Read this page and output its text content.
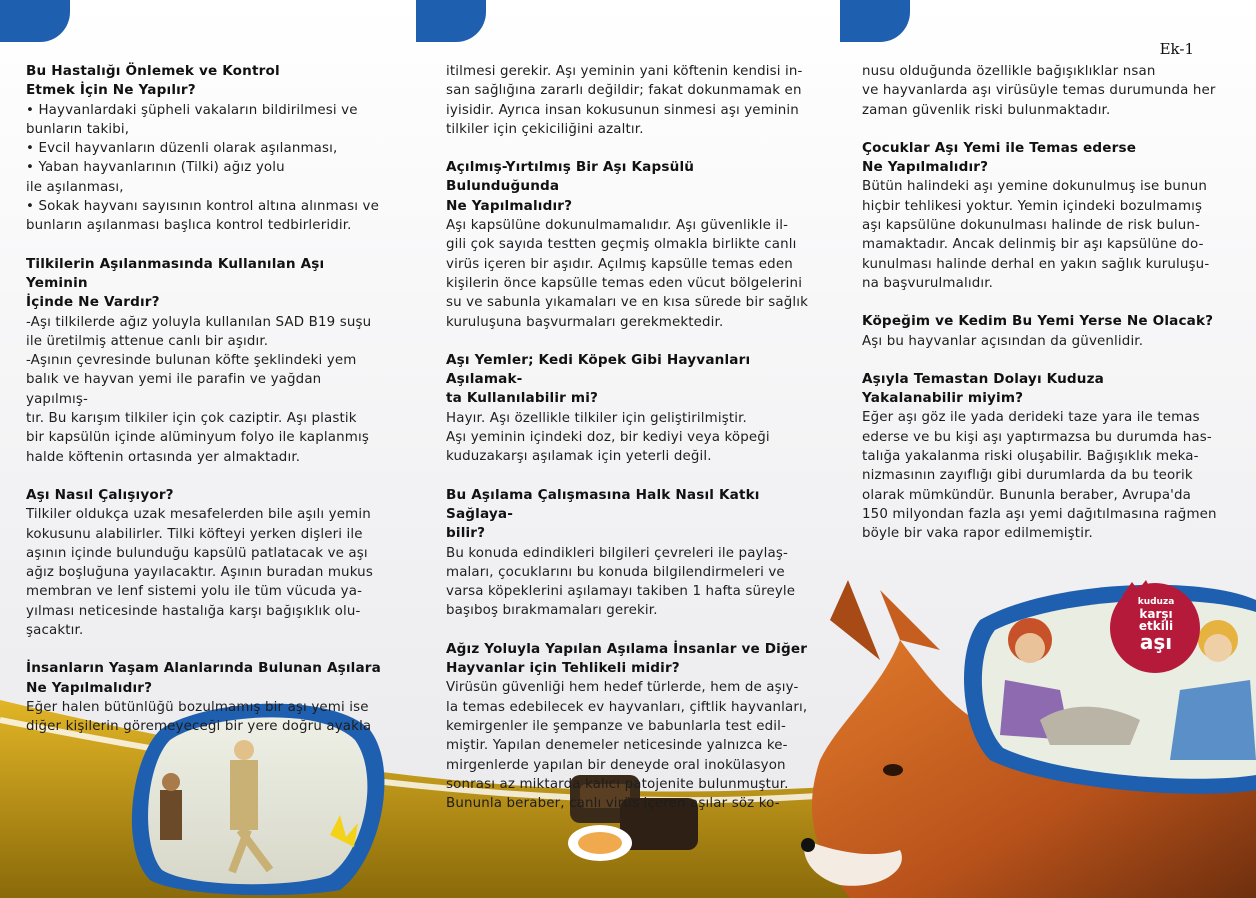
kuduza
karşı
etkili
aşı
Ek-1
Bu Hastalığı Önlemek ve Kontrol
Etmek İçin Ne Yapılır?

• Hayvanlardaki şüpheli vakaların bildirilmesi ve

bunların takibi,

• Evcil hayvanların düzenli olarak aşılanması,

• Yaban hayvanlarının (Tilki) ağız yolu

ile aşılanması,

• Sokak hayvanı sayısının kontrol altına alınması ve

bunların aşılanması başlıca kontrol tedbirleridir.

Tilkilerin Aşılanmasında Kullanılan Aşı Yeminin
İçinde Ne Vardır?

-Aşı tilkilerde ağız yoluyla kullanılan SAD B19 suşu

ile üretilmiş attenue canlı bir aşıdır.

-Aşının çevresinde bulunan köfte şeklindeki yem

balık ve hayvan yemi ile parafin ve yağdan yapılmış-

tır. Bu karışım tilkiler için çok caziptir. Aşı plastik

bir kapsülün içinde alüminyum folyo ile kaplanmış

halde köftenin ortasında yer almaktadır.

Aşı Nasıl Çalışıyor?

Tilkiler oldukça uzak mesafelerden bile aşılı yemin

kokusunu alabilirler. Tilki köfteyi yerken dişleri ile

aşının içinde bulunduğu kapsülü patlatacak ve aşı

ağız boşluğuna yayılacaktır. Aşının buradan mukus

membran ve lenf sistemi yolu ile tüm vücuda ya-

yılması neticesinde hastalığa karşı bağışıklık olu-

şacaktır.

İnsanların Yaşam Alanlarında Bulunan Aşılara
Ne Yapılmalıdır?

Eğer halen bütünlüğü bozulmamış bir aşı yemi ise

diğer kişilerin göremeyeceği bir yere doğru ayakla

itilmesi gerekir. Aşı yeminin yani köftenin kendisi in-

san sağlığına zararlı değildir; fakat dokunmamak en

iyisidir. Ayrıca insan kokusunun sinmesi aşı yeminin

tilkiler için çekiciliğini azaltır.

Açılmış-Yırtılmış Bir Aşı Kapsülü Bulunduğunda
Ne Yapılmalıdır?

Aşı kapsülüne dokunulmamalıdır. Aşı güvenlikle il-

gili çok sayıda testten geçmiş olmakla birlikte canlı

virüs içeren bir aşıdır. Açılmış kapsülle temas eden

kişilerin önce kapsülle temas eden vücut bölgelerini

su ve sabunla yıkamaları ve en kısa sürede bir sağlık

kuruluşuna başvurmaları gerekmektedir.

Aşı Yemler; Kedi Köpek Gibi Hayvanları Aşılamak-
ta Kullanılabilir mi?

Hayır. Aşı özellikle tilkiler için geliştirilmiştir.

Aşı yeminin içindeki doz, bir kediyi veya köpeği

kuduzakarşı aşılamak için yeterli değil.

Bu Aşılama Çalışmasına Halk Nasıl Katkı Sağlaya-
bilir?

Bu konuda edindikleri bilgileri çevreleri ile paylaş-

maları, çocuklarını bu konuda bilgilendirmeleri ve

varsa köpeklerini aşılamayı takiben 1 hafta süreyle

başıboş bırakmamaları gerekir.

Ağız Yoluyla Yapılan Aşılama İnsanlar ve Diğer
Hayvanlar için Tehlikeli midir?

Virüsün güvenliği hem hedef türlerde, hem de aşıy-

la temas edebilecek ev hayvanları, çiftlik hayvanları,

kemirgenler ile şempanze ve babunlarla test edil-

miştir. Yapılan denemeler neticesinde yalnızca ke-

mirgenlerde yapılan bir deneyde oral inokülasyon

sonrası az miktarda kalıcı patojenite bulunmuştur.

Bununla beraber, canlı virüs içeren aşılar söz ko-

nusu olduğunda özellikle bağışıklıklar nsan

ve hayvanlarda aşı virüsüyle temas durumunda her

zaman güvenlik riski bulunmaktadır.

Çocuklar Aşı Yemi ile Temas ederse
Ne Yapılmalıdır?

Bütün halindeki aşı yemine dokunulmuş ise bunun

hiçbir tehlikesi yoktur. Yemin içindeki bozulmamış

aşı kapsülüne dokunulması halinde de risk bulun-

mamaktadır. Ancak delinmiş bir aşı kapsülüne do-

kunulması halinde derhal en yakın sağlık kuruluşu-

na başvurulmalıdır.

Köpeğim ve Kedim Bu Yemi Yerse Ne Olacak?

Aşı bu hayvanlar açısından da güvenlidir.

Aşıyla Temastan Dolayı Kuduza
Yakalanabilir miyim?

Eğer aşı göz ile yada derideki taze yara ile temas

ederse ve bu kişi aşı yaptırmazsa bu durumda has-

talığa yakalanma riski oluşabilir. Bağışıklık meka-

nizmasının zayıflığı gibi durumlarda da bu teorik

olarak mümkündür. Bununla beraber, Avrupa'da

150 milyondan fazla aşı yemi dağıtılmasına rağmen

böyle bir vaka rapor edilmemiştir.
